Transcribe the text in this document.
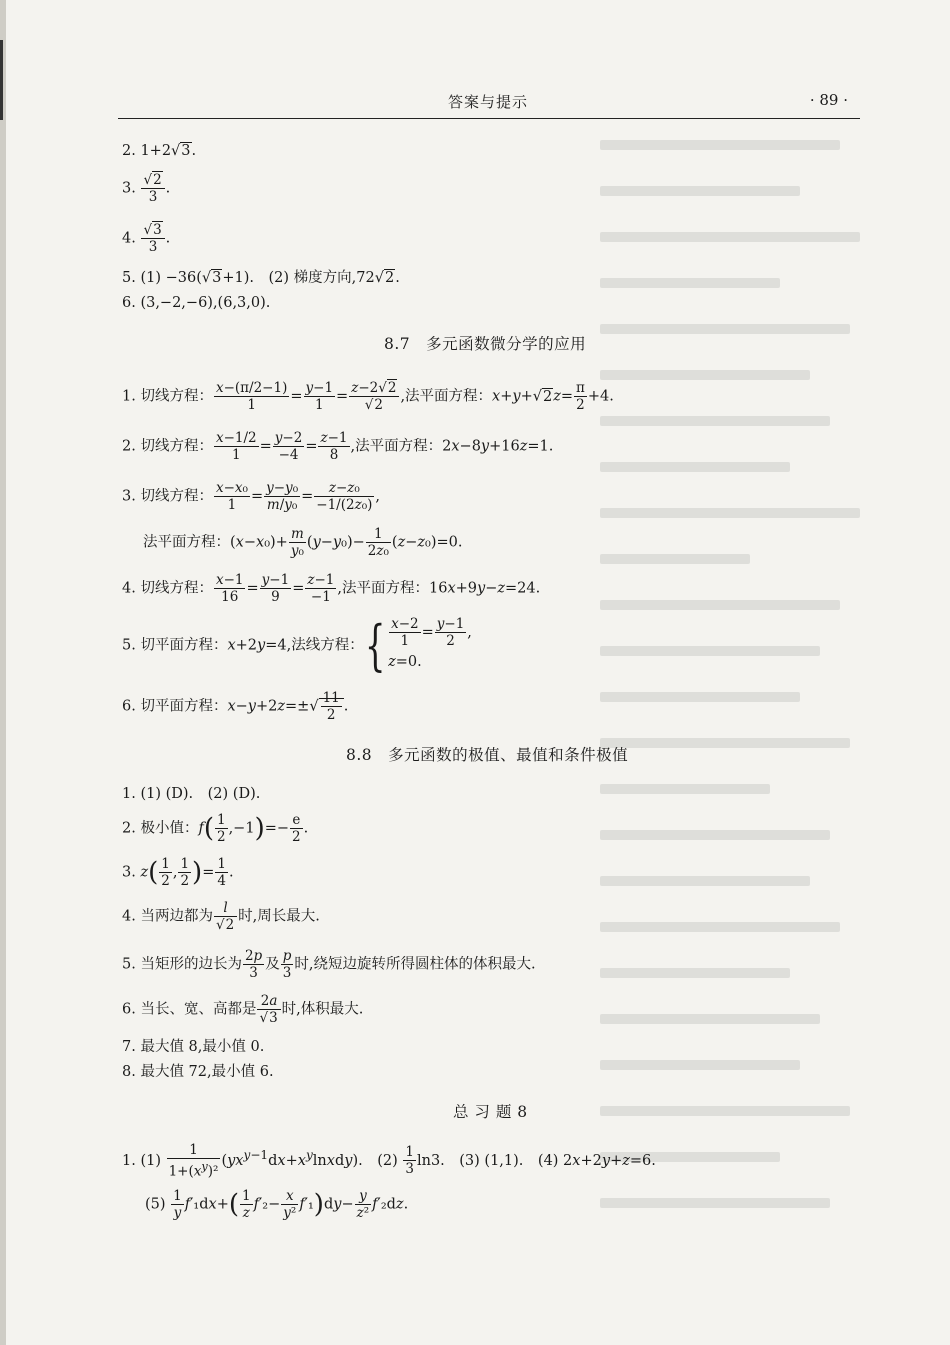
答案与提示	· 89 ·
2. 1+2√3.
3. $\frac{√2}{3}$ .
4. $\frac{√3}{3}$ .
5. (1) −36(√3+1).　(2) 梯度方向,72√2.
6. (3,−2,−6),(6,3,0).
8.7　多元函数微分学的应用
1. 切线方程： $\frac{x-(\pi/2-1)}{1} = \frac{y-1}{1} = \frac{z-2√2}{√2}$ ,法平面方程：$x+y+√2z= \frac{\pi}{2} +4$.
2. 切线方程： $\frac{x-1/2}{1} = \frac{y-2}{-4} = \frac{z-1}{8}$ ,法平面方程：2x−8y+16z=1.
3. 切线方程： $\frac{\text{x−x₀}}{1} = \frac{\text{y−y₀}}{\text{m/y₀}} = \frac{\text{z−z₀}}{\text{−1/(2z₀)}}$ ,
法平面方程：$(x-x_0)+ \frac{m}{\text{y₀}} (y-y_0)- \frac{1}{\text{2z₀}} (z-z_0)=0$.
4. 切线方程： $\frac{x-1}{16} = \frac{y-1}{9} = \frac{z-1}{-1}$ ,法平面方程：16x+9y−z=24.
5. 切平面方程：x+2y=4,法线方程：{ $\frac{x-2}{1} = \frac{y-1}{2}$ ,
z=0.
6. 切平面方程：$x-y+2z=\pm√ \frac{11}{2}$ .
8.8　多元函数的极值、最值和条件极值
1. (1) (D).　(2) (D).
2. 极小值：$f( \frac{1}{2} ,-1)=- \frac{e}{2}$ .
3. $z( \frac{1}{2}$ , $\frac{1}{2}$ )= $\frac{1}{4}$ .
4. 当两边都为 $\frac{l}{√2}$ 时,周长最大.
5. 当矩形的边长为 $\frac{2p}{3}$ 及 $\frac{p}{3}$ 时,绕短边旋转所得圆柱体的体积最大.
6. 当长、宽、高都是 $\frac{2a}{√3}$ 时,体积最大.
7. 最大值 8,最小值 0.
8. 最大值 72,最小值 6.
总 习 题 8
1. $(1) \frac{1}{1+(x^y)^2}$ $(yx^{y-1}dx+x^ylnxdy)$.　$(2) \frac{1}{3} \ln 3$.　(3) (1,1).　(4) 2x+2y+z=6.
$(5) \frac{1}{y} f'_1dx+( \frac{1}{z} f'_2- \frac{x}{\text{y²}} f'_1)dy- \frac{y}{\text{z²}} f'_2dz$.
